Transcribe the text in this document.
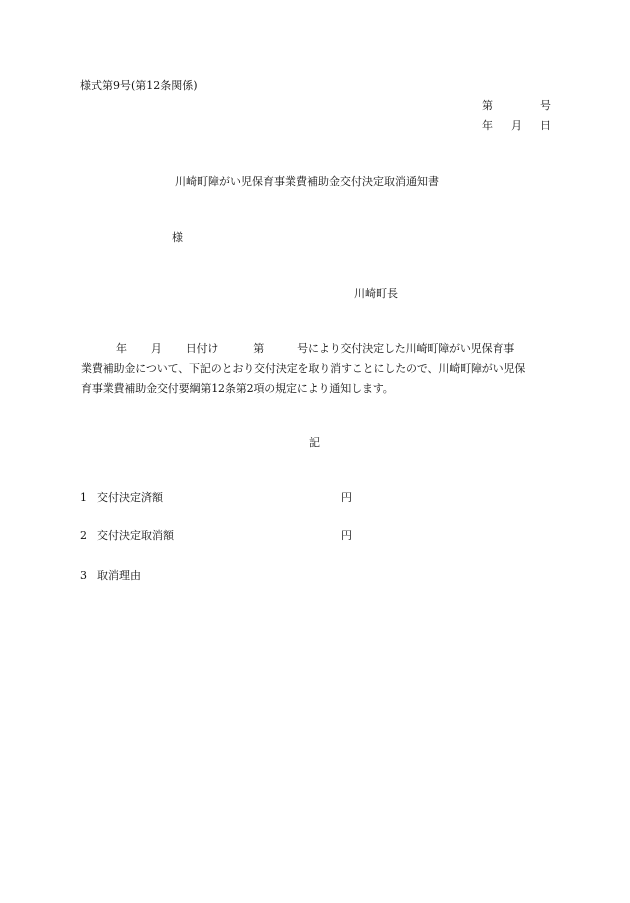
様式第9号(第12条関係)
第	号
年 月 日
川崎町障がい児保育事業費補助金交付決定取消通知書
様
川崎町長
年 月 日付け	第	号により交付決定した川崎町障がい児保育事
業費補助金について、下記のとおり交付決定を取り消すことにしたので、川崎町障がい児保
育事業費補助金交付要綱第12条第2項の規定により通知します。
記
1 交付決定済額	円
2 交付決定取消額	円
3 取消理由
